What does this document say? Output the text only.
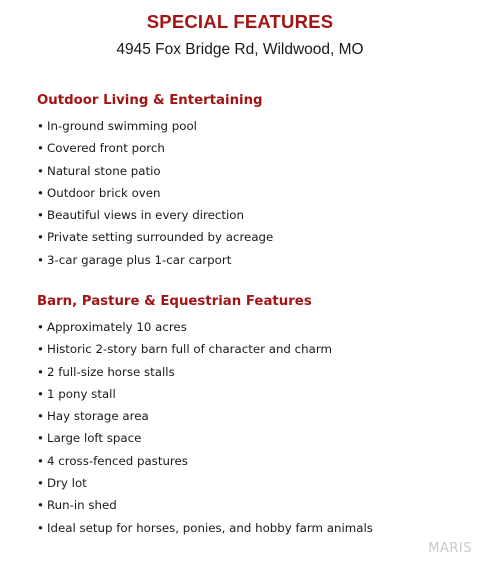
SPECIAL FEATURES
4945 Fox Bridge Rd, Wildwood, MO
Outdoor Living & Entertaining
• In-ground swimming pool
• Covered front porch
• Natural stone patio
• Outdoor brick oven
• Beautiful views in every direction
• Private setting surrounded by acreage
• 3-car garage plus 1-car carport
Barn, Pasture & Equestrian Features
• Approximately 10 acres
• Historic 2-story barn full of character and charm
• 2 full-size horse stalls
• 1 pony stall
• Hay storage area
• Large loft space
• 4 cross-fenced pastures
• Dry lot
• Run-in shed
• Ideal setup for horses, ponies, and hobby farm animals
MARIS
